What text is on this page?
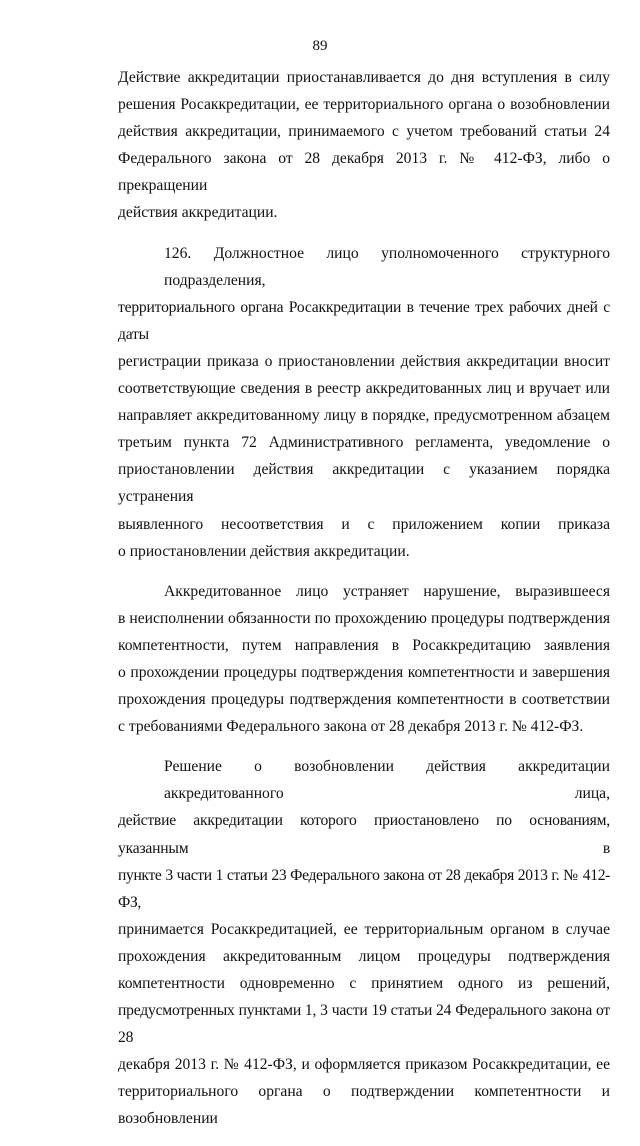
89
Действие аккредитации приостанавливается до дня вступления в силу
решения Росаккредитации, ее территориального органа о возобновлении
действия аккредитации, принимаемого с учетом требований статьи 24
Федерального закона от 28 декабря 2013 г. № 412-ФЗ, либо о прекращении
действия аккредитации.
126. Должностное лицо уполномоченного структурного подразделения,
территориального органа Росаккредитации в течение трех рабочих дней с даты
регистрации приказа о приостановлении действия аккредитации вносит
соответствующие сведения в реестр аккредитованных лиц и вручает или
направляет аккредитованному лицу в порядке, предусмотренном абзацем
третьим пункта 72 Административного регламента, уведомление о
приостановлении действия аккредитации с указанием порядка устранения
выявленного несоответствия и с приложением копии приказа
о приостановлении действия аккредитации.
Аккредитованное лицо устраняет нарушение, выразившееся
в неисполнении обязанности по прохождению процедуры подтверждения
компетентности, путем направления в Росаккредитацию заявления
о прохождении процедуры подтверждения компетентности и завершения
прохождения процедуры подтверждения компетентности в соответствии
с требованиями Федерального закона от 28 декабря 2013 г. № 412-ФЗ.
Решение о возобновлении действия аккредитации аккредитованного лица,
действие аккредитации которого приостановлено по основаниям, указанным в
пункте 3 части 1 статьи 23 Федерального закона от 28 декабря 2013 г. № 412-ФЗ,
принимается Росаккредитацией, ее территориальным органом в случае
прохождения аккредитованным лицом процедуры подтверждения
компетентности одновременно с принятием одного из решений,
предусмотренных пунктами 1, 3 части 19 статьи 24 Федерального закона от 28
декабря 2013 г. № 412-ФЗ, и оформляется приказом Росаккредитации, ее
территориального органа о подтверждении компетентности и возобновлении
